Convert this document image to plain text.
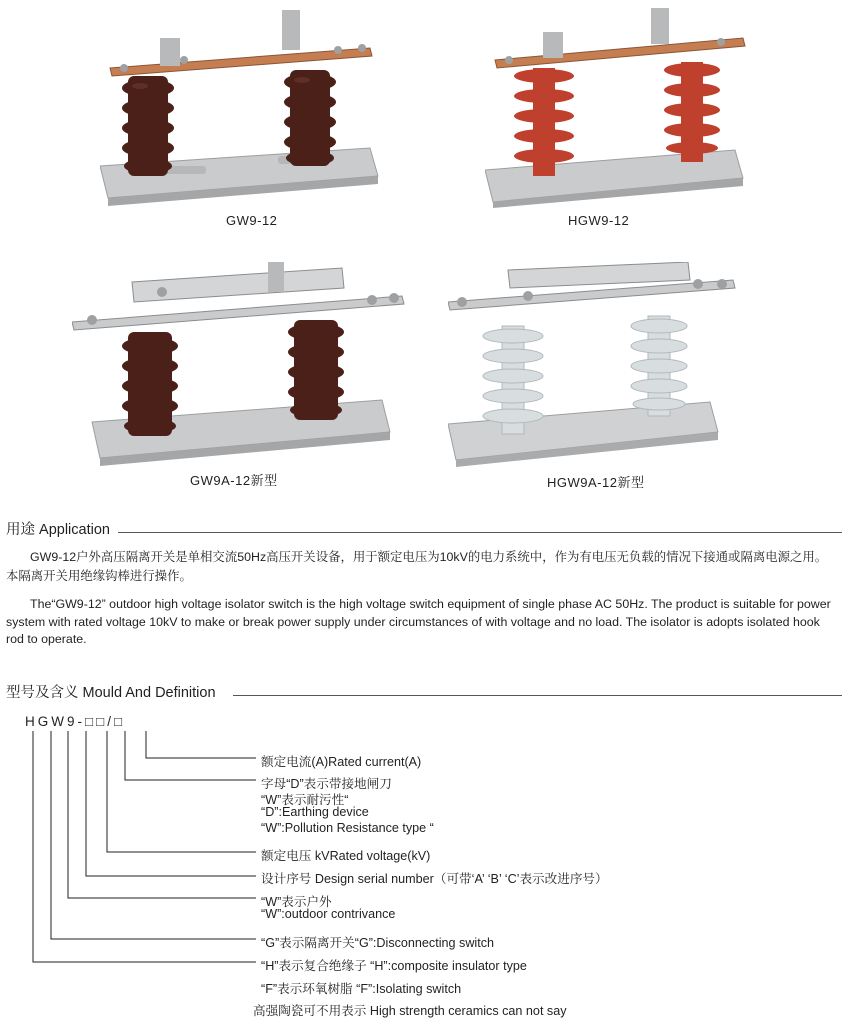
GW9-12	HGW9-12
GW9A-12新型	HGW9A-12新型
用途 Application

GW9-12户外高压隔离开关是单相交流50Hz高压开关设备，用于额定电压为10kV的电力系统中，作为有电压无负载的情况下接通或隔离电源之用。本隔离开关用绝缘钩棒进行操作。

The“GW9-12” outdoor high voltage isolator switch is the high voltage switch equipment of single phase AC 50Hz. The product is suitable for power system with rated voltage 10kV to make or break power supply under circumstances of with voltage and no load. The isolator is adopts isolated hook rod to operate.

型号及含义 Mould And Definition
HGW9-□□/□
额定电流(A)Rated current(A)
字母“D”表示带接地闸刀
“W”表示耐污性“
“D”:Earthing device
“W”:Pollution Resistance type “
额定电压 kVRated voltage(kV)
设计序号 Design serial number（可带‘A’ ‘B’ ‘C’表示改进序号）
“W”表示户外
“W”:outdoor contrivance
“G”表示隔离开关“G”:Disconnecting switch
“H”表示复合绝缘子 “H”:composite insulator type
“F”表示环氧树脂 “F”:Isolating switch
高强陶瓷可不用表示 High strength ceramics can not say
